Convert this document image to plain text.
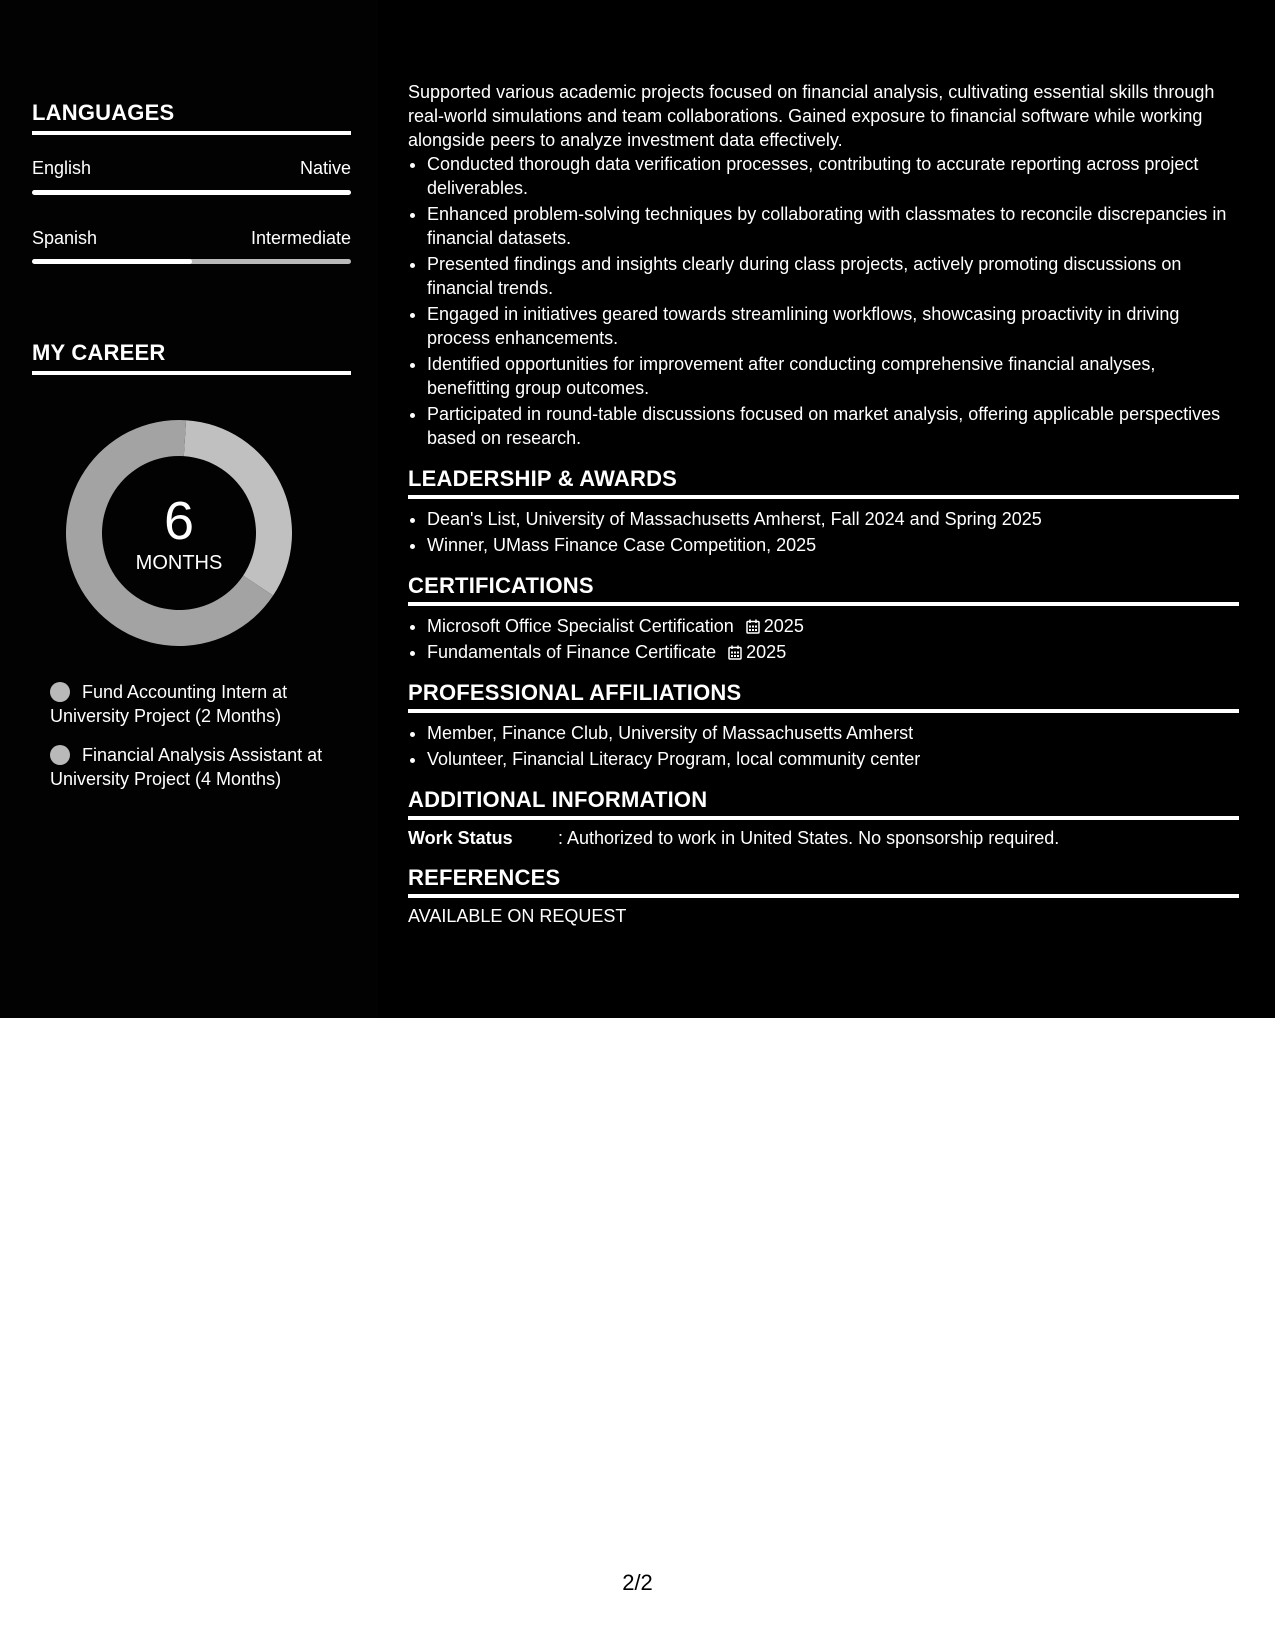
LANGUAGES
English	Native
Spanish	Intermediate
MY CAREER
6
MONTHS
Fund Accounting Intern at University Project (2 Months)
Financial Analysis Assistant at University Project (4 Months)

Supported various academic projects focused on financial analysis, cultivating essential skills through real-world simulations and team collaborations. Gained exposure to financial software while working alongside peers to analyze investment data effectively.

• Conducted thorough data verification processes, contributing to accurate reporting across project deliverables.
• Enhanced problem-solving techniques by collaborating with classmates to reconcile discrepancies in financial datasets.
• Presented findings and insights clearly during class projects, actively promoting discussions on financial trends.
• Engaged in initiatives geared towards streamlining workflows, showcasing proactivity in driving process enhancements.
• Identified opportunities for improvement after conducting comprehensive financial analyses, benefitting group outcomes.
• Participated in round-table discussions focused on market analysis, offering applicable perspectives based on research.
LEADERSHIP & AWARDS
• Dean's List, University of Massachusetts Amherst, Fall 2024 and Spring 2025
• Winner, UMass Finance Case Competition, 2025
CERTIFICATIONS
• Microsoft Office Specialist Certification 2025
• Fundamentals of Finance Certificate 2025
PROFESSIONAL AFFILIATIONS
• Member, Finance Club, University of Massachusetts Amherst
• Volunteer, Financial Literacy Program, local community center
ADDITIONAL INFORMATION
Work Status	: Authorized to work in United States. No sponsorship required.
REFERENCES
AVAILABLE ON REQUEST
2/2
